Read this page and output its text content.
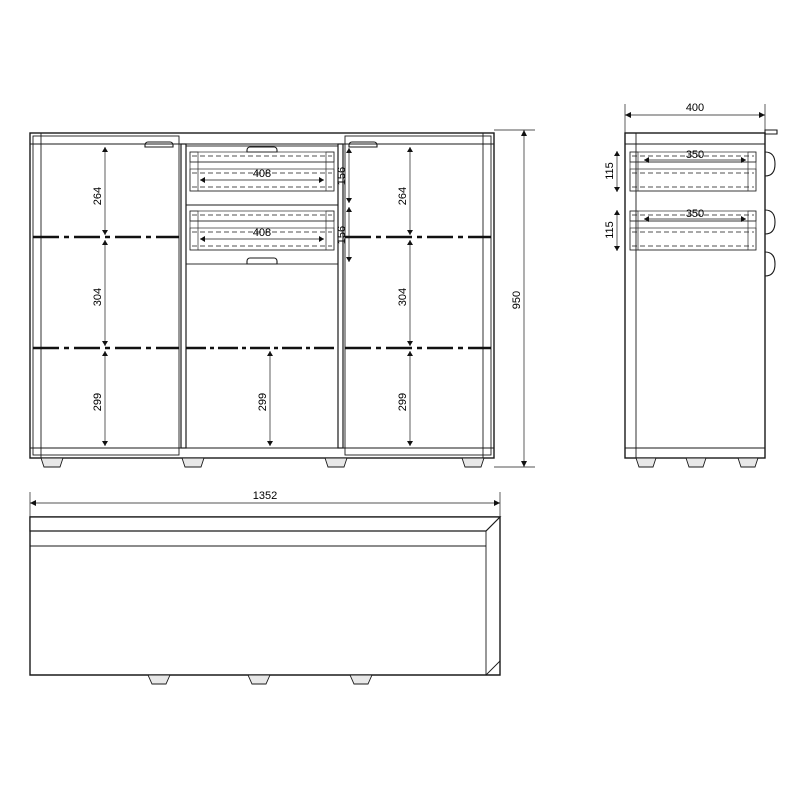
264
304
299
408
408
156
156
299
264
304
299
950
400
350
350
115
115
1352
